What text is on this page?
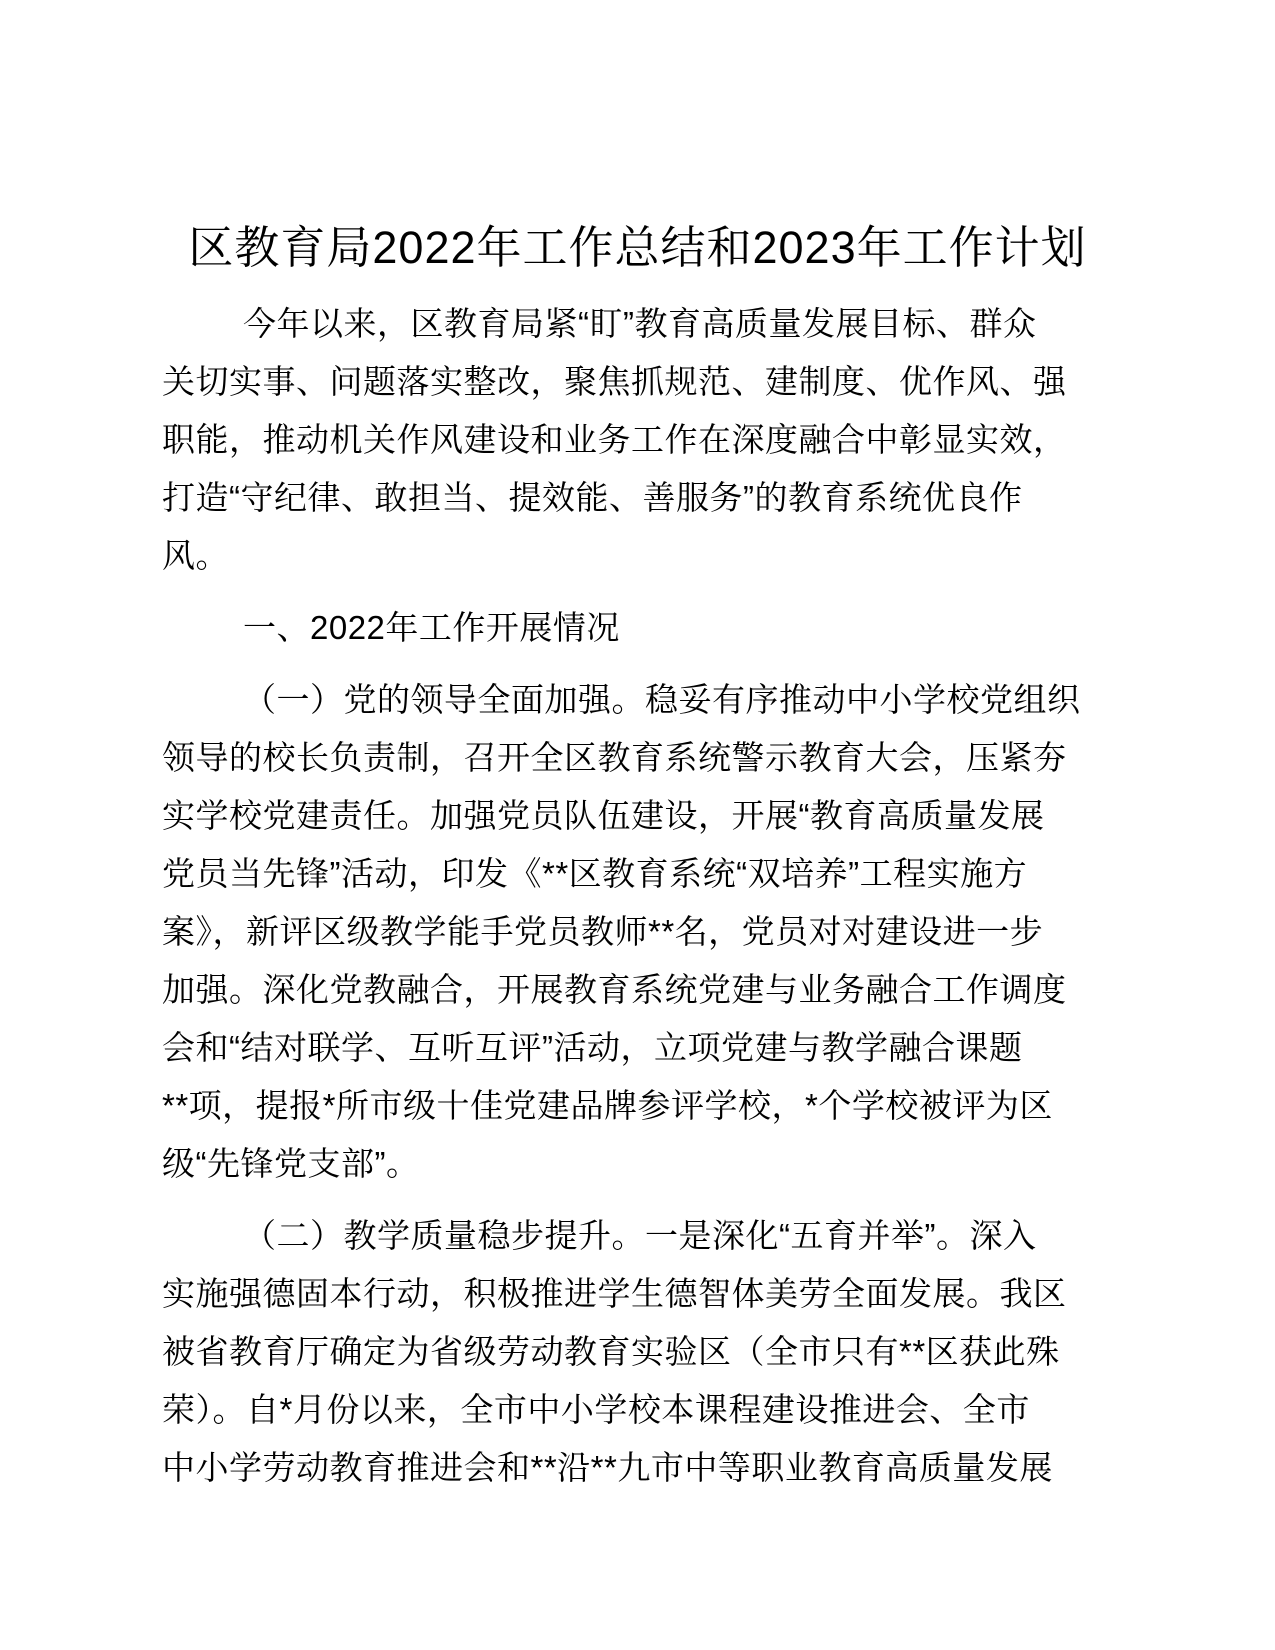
区教育局2022年工作总结和2023年工作计划
今年以来，区教育局紧“盯”教育高质量发展目标、群众
关切实事、问题落实整改，聚焦抓规范、建制度、优作风、强
职能，推动机关作风建设和业务工作在深度融合中彰显实效，
打造“守纪律、敢担当、提效能、善服务”的教育系统优良作
风。
一、2022年工作开展情况
（一）党的领导全面加强。稳妥有序推动中小学校党组织
领导的校长负责制，召开全区教育系统警示教育大会，压紧夯
实学校党建责任。加强党员队伍建设，开展“教育高质量发展
党员当先锋”活动，印发《**区教育系统“双培养”工程实施方
案》，新评区级教学能手党员教师**名，党员对对建设进一步
加强。深化党教融合，开展教育系统党建与业务融合工作调度
会和“结对联学、互听互评”活动，立项党建与教学融合课题
**项，提报*所市级十佳党建品牌参评学校，*个学校被评为区
级“先锋党支部”。
（二）教学质量稳步提升。一是深化“五育并举”。深入
实施强德固本行动，积极推进学生德智体美劳全面发展。我区
被省教育厅确定为省级劳动教育实验区（全市只有**区获此殊
荣）。自*月份以来，全市中小学校本课程建设推进会、全市
中小学劳动教育推进会和**沿**九市中等职业教育高质量发展
